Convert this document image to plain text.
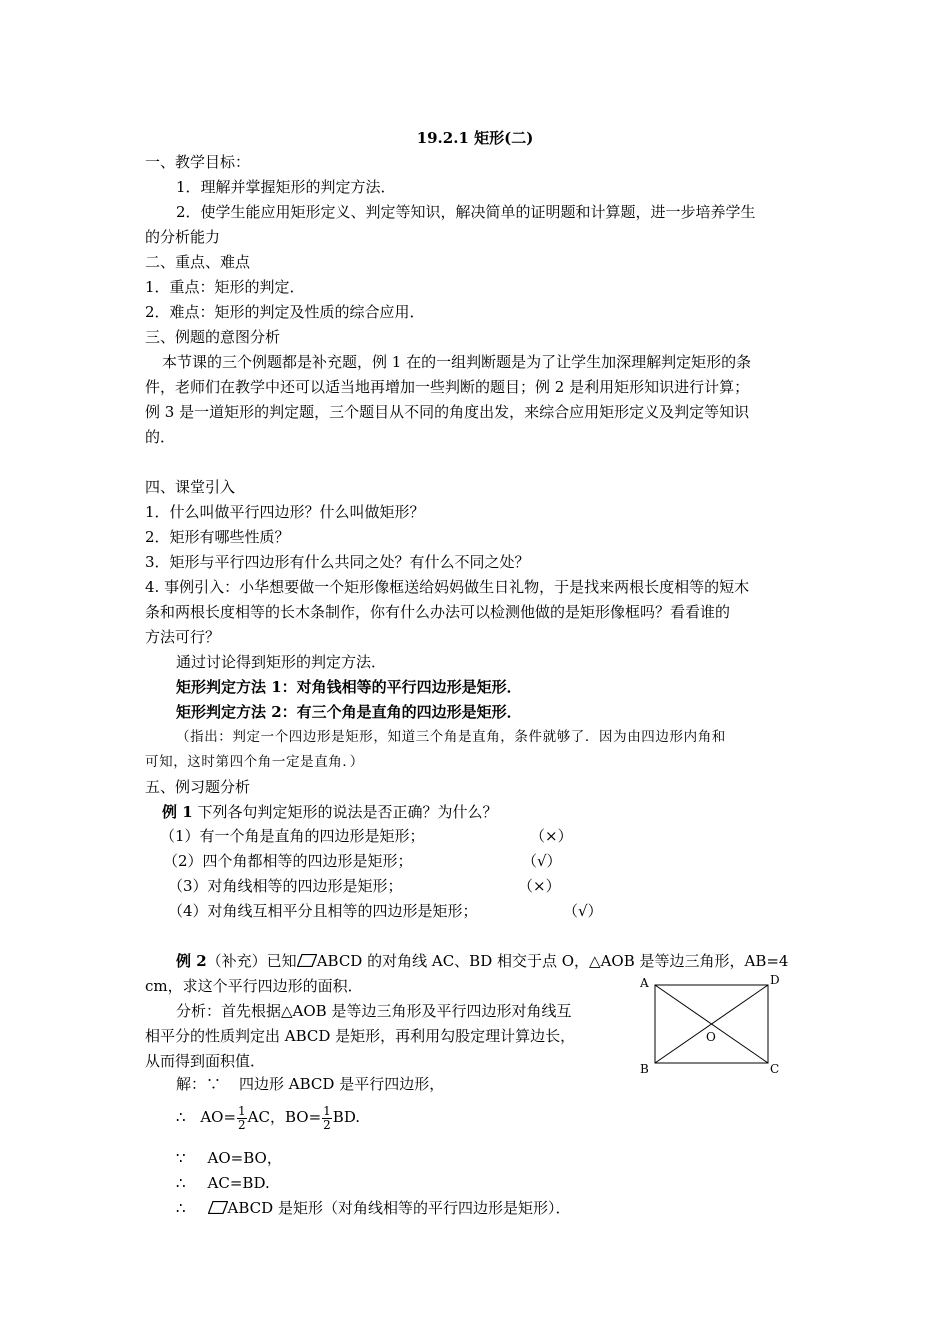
19.2.1 矩形(二)
一、教学目标：
1．理解并掌握矩形的判定方法．
2．使学生能应用矩形定义、判定等知识，解决简单的证明题和计算题，进一步培养学生
的分析能力
二、重点、难点
1．重点：矩形的判定．
2．难点：矩形的判定及性质的综合应用．
三、例题的意图分析
本节课的三个例题都是补充题，例 1 在的一组判断题是为了让学生加深理解判定矩形的条
件，老师们在教学中还可以适当地再增加一些判断的题目；例 2 是利用矩形知识进行计算；
例 3 是一道矩形的判定题，三个题目从不同的角度出发，来综合应用矩形定义及判定等知识
的．
四、课堂引入
1．什么叫做平行四边形？什么叫做矩形？
2．矩形有哪些性质？
3．矩形与平行四边形有什么共同之处？有什么不同之处？
4. 事例引入：小华想要做一个矩形像框送给妈妈做生日礼物，于是找来两根长度相等的短木
条和两根长度相等的长木条制作，你有什么办法可以检测他做的是矩形像框吗？看看谁的
方法可行？
通过讨论得到矩形的判定方法．
矩形判定方法 1：对角钱相等的平行四边形是矩形．
矩形判定方法 2：有三个角是直角的四边形是矩形．
（指出：判定一个四边形是矩形，知道三个角是直角，条件就够了．因为由四边形内角和
可知，这时第四个角一定是直角．）
五、例习题分析
例 1 下列各句判定矩形的说法是否正确？为什么？
（1）有一个角是直角的四边形是矩形；	（×）
（2）四个角都相等的四边形是矩形；	（√）
（3）对角线相等的四边形是矩形；	（×）
（4）对角线互相平分且相等的四边形是矩形；	（√）
例 2（补充）已知 ABCD 的对角线 AC、BD 相交于点 O，△AOB 是等边三角形，AB=4
cm，求这个平行四边形的面积．
分析：首先根据△AOB 是等边三角形及平行四边形对角线互
相平分的性质判定出 ABCD 是矩形，再利用勾股定理计算边长，
从而得到面积值．
A	D
B	C
O
解：∵ 四边形 ABCD 是平行四边形，
∴ $AO= \frac{1}{2}$ AC，$BO= \frac{1}{2}$ BD.
∵ AO=BO，
∴ AC=BD.
∴	ABCD 是矩形（对角线相等的平行四边形是矩形）．
